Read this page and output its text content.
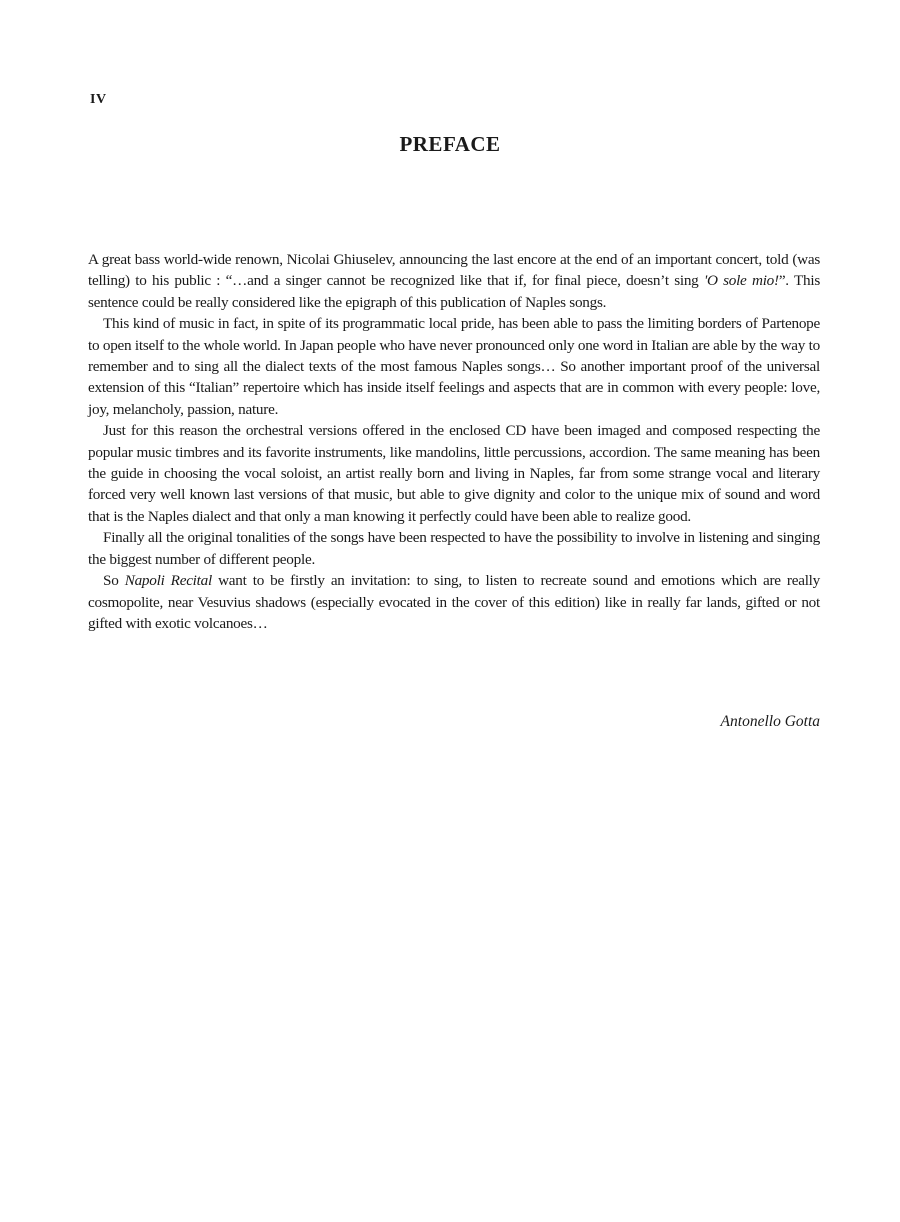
IV
PREFACE

A great bass world-wide renown, Nicolai Ghiuselev, announcing the last encore at the end of an important concert, told (was telling) to his public : “…and a singer cannot be recognized like that if, for final piece, doesn’t sing 'O sole mio!”. This sentence could be really considered like the epigraph of this publication of Naples songs.

This kind of music in fact, in spite of its programmatic local pride, has been able to pass the limiting borders of Partenope to open itself to the whole world. In Japan people who have never pronounced only one word in Italian are able by the way to remember and to sing all the dialect texts of the most famous Naples songs… So another important proof of the universal extension of this “Italian” repertoire which has inside itself feelings and aspects that are in common with every people: love, joy, melancholy, passion, nature.

Just for this reason the orchestral versions offered in the enclosed CD have been imaged and composed respecting the popular music timbres and its favorite instruments, like mandolins, little percussions, accordion. The same meaning has been the guide in choosing the vocal soloist, an artist really born and living in Naples, far from some strange vocal and literary forced very well known last versions of that music, but able to give dignity and color to the unique mix of sound and word that is the Naples dialect and that only a man knowing it perfectly could have been able to realize good.

Finally all the original tonalities of the songs have been respected to have the possibility to involve in listening and singing the biggest number of different people.

So Napoli Recital want to be firstly an invitation: to sing, to listen to recreate sound and emotions which are really cosmopolite, near Vesuvius shadows (especially evocated in the cover of this edition) like in really far lands, gifted or not gifted with exotic volcanoes…

Antonello Gotta
